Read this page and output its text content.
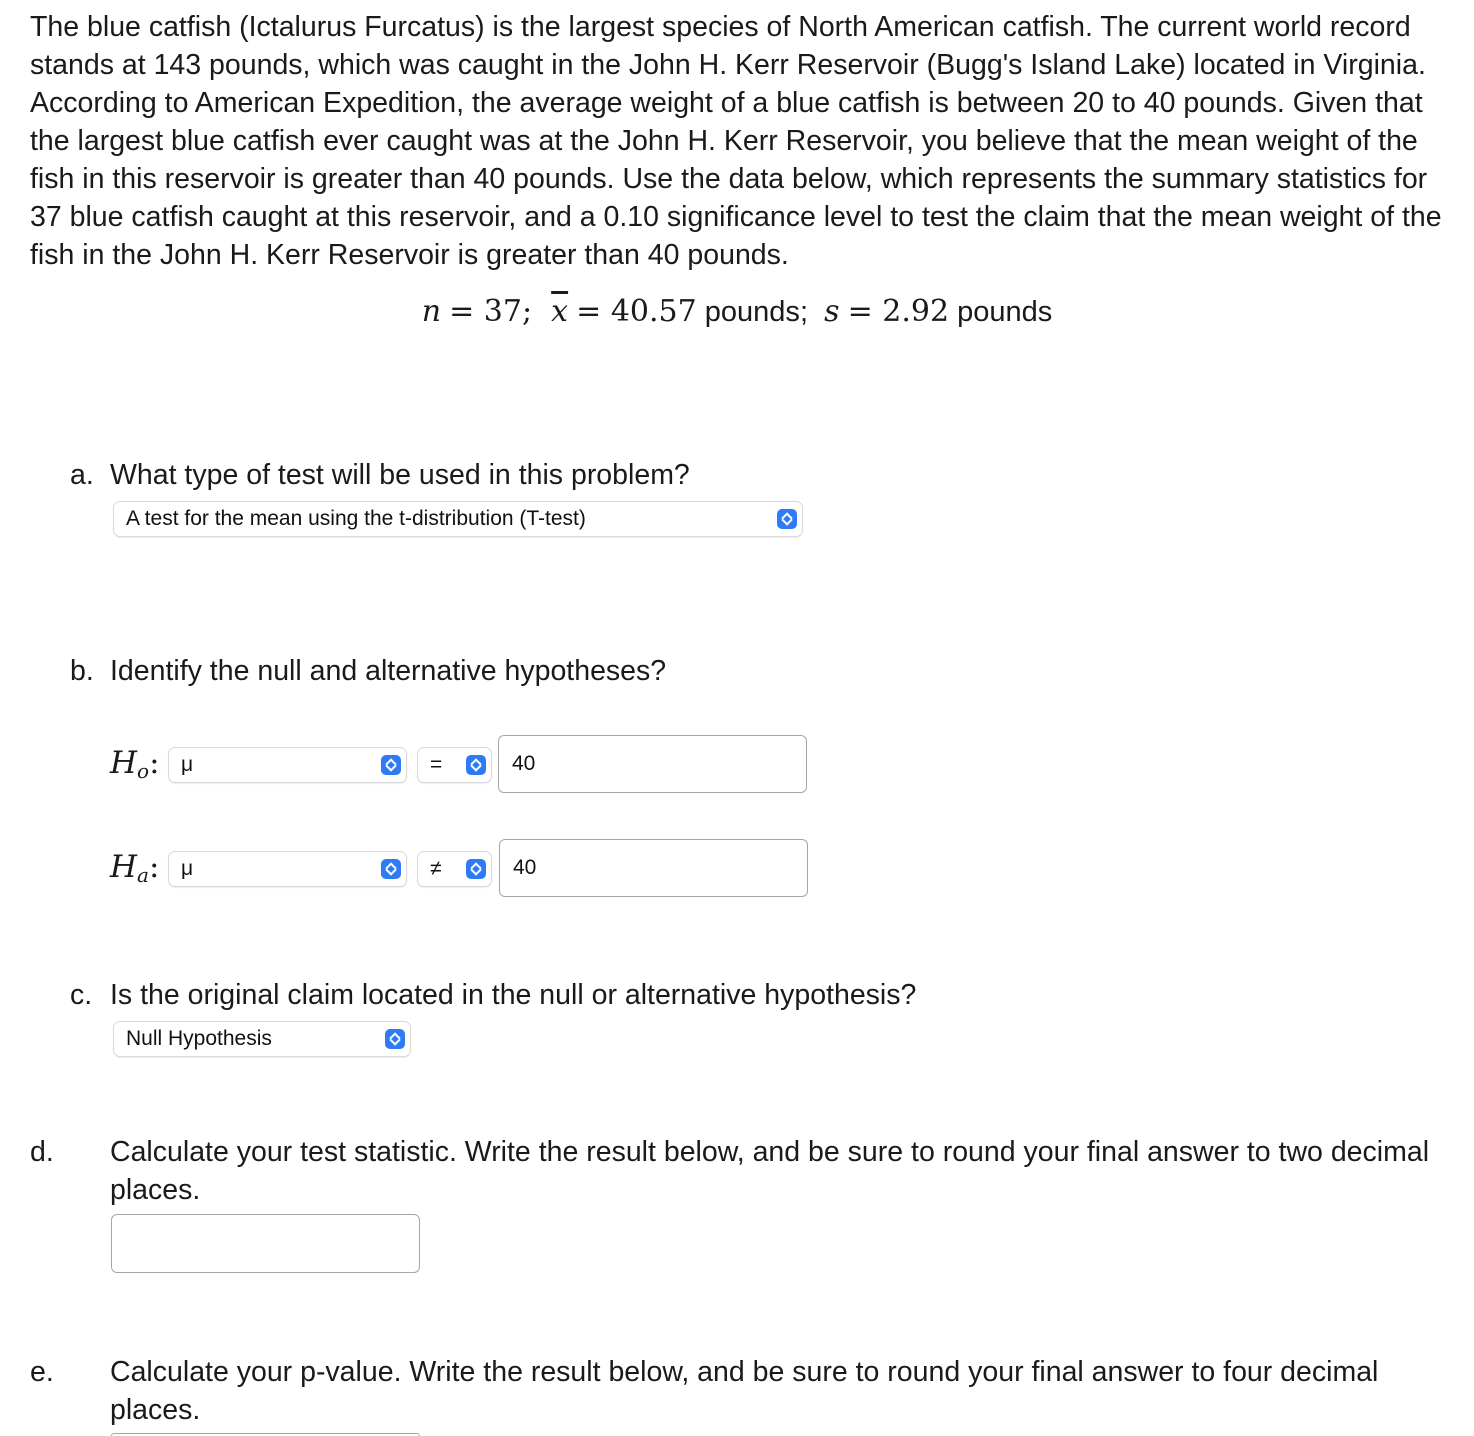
The blue catfish (Ictalurus Furcatus) is the largest species of North American catfish. The current world record stands at 143 pounds, which was caught in the John H. Kerr Reservoir (Bugg's Island Lake) located in Virginia. According to American Expedition, the average weight of a blue catfish is between 20 to 40 pounds. Given that the largest blue catfish ever caught was at the John H. Kerr Reservoir, you believe that the mean weight of the fish in this reservoir is greater than 40 pounds. Use the data below, which represents the summary statistics for 37 blue catfish caught at this reservoir, and a 0.10 significance level to test the claim that the mean weight of the fish in the John H. Kerr Reservoir is greater than 40 pounds.

n = 37;  $\overline{x} = 40.57$ pounds;  s = 2.92 pounds

a. What type of test will be used in this problem?

A test for the mean using the t-distribution (T-test)

b. Identify the null and alternative hypotheses?

$H_o$:	μ	=	40
$H_a$:	μ	≠	40

c. Is the original claim located in the null or alternative hypothesis?

Null Hypothesis

d. Calculate your test statistic. Write the result below, and be sure to round your final answer to two decimal places.

e. Calculate your p-value. Write the result below, and be sure to round your final answer to four decimal places.
